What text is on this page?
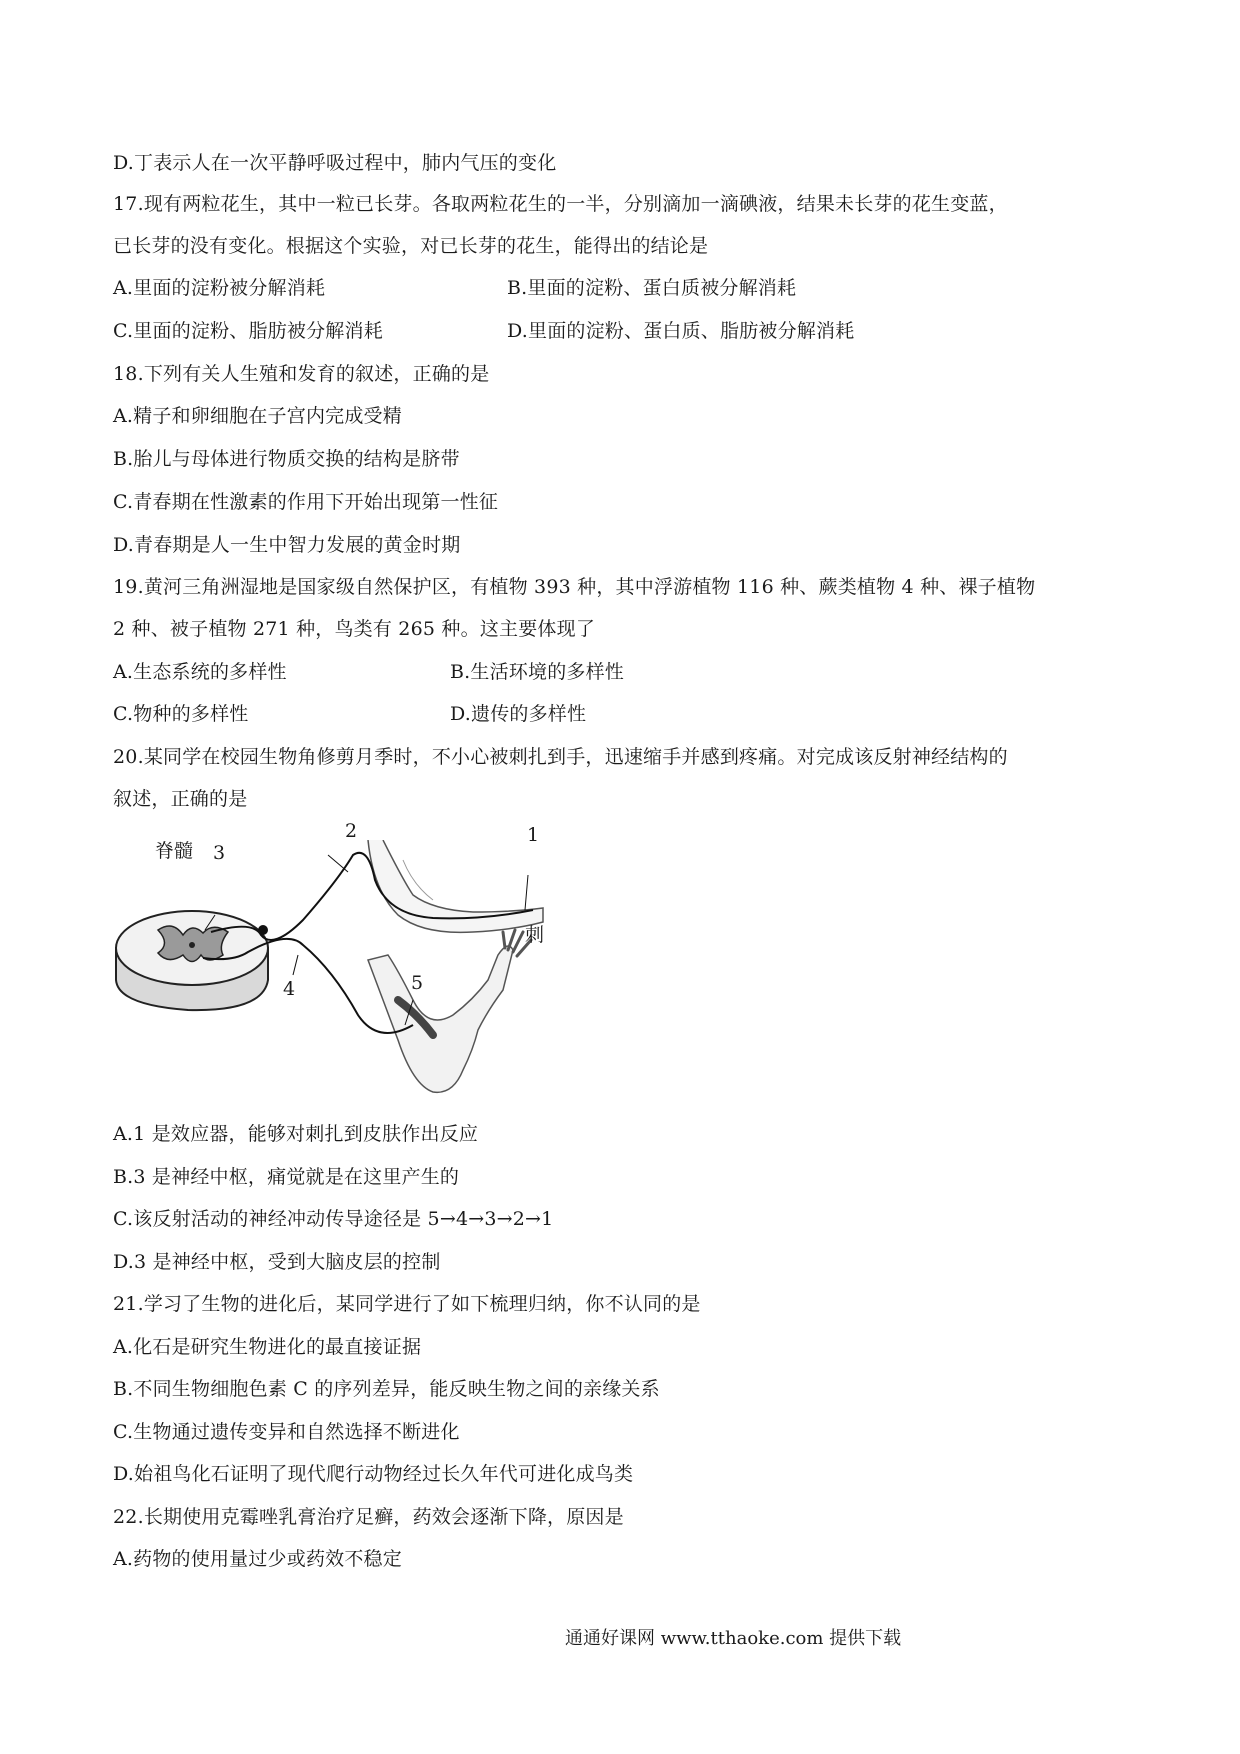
D.丁表示人在一次平静呼吸过程中，肺内气压的变化
17.现有两粒花生，其中一粒已长芽。各取两粒花生的一半，分别滴加一滴碘液，结果未长芽的花生变蓝，
已长芽的没有变化。根据这个实验，对已长芽的花生，能得出的结论是
A.里面的淀粉被分解消耗	B.里面的淀粉、蛋白质被分解消耗
C.里面的淀粉、脂肪被分解消耗	D.里面的淀粉、蛋白质、脂肪被分解消耗
18.下列有关人生殖和发育的叙述，正确的是
A.精子和卵细胞在子宫内完成受精
B.胎儿与母体进行物质交换的结构是脐带
C.青春期在性激素的作用下开始出现第一性征
D.青春期是人一生中智力发展的黄金时期
19.黄河三角洲湿地是国家级自然保护区，有植物 393 种，其中浮游植物 116 种、蕨类植物 4 种、裸子植物
2 种、被子植物 271 种，鸟类有 265 种。这主要体现了
A.生态系统的多样性	B.生活环境的多样性
C.物种的多样性	D.遗传的多样性
20.某同学在校园生物角修剪月季时，不小心被刺扎到手，迅速缩手并感到疼痛。对完成该反射神经结构的
叙述，正确的是
脊髓 3
2	1
刺
4	5
A.1 是效应器，能够对刺扎到皮肤作出反应
B.3 是神经中枢，痛觉就是在这里产生的
C.该反射活动的神经冲动传导途径是 5→4→3→2→1
D.3 是神经中枢，受到大脑皮层的控制
21.学习了生物的进化后，某同学进行了如下梳理归纳，你不认同的是
A.化石是研究生物进化的最直接证据
B.不同生物细胞色素 C 的序列差异，能反映生物之间的亲缘关系
C.生物通过遗传变异和自然选择不断进化
D.始祖鸟化石证明了现代爬行动物经过长久年代可进化成鸟类
22.长期使用克霉唑乳膏治疗足癣，药效会逐渐下降，原因是
A.药物的使用量过少或药效不稳定
通通好课网 www.tthaoke.com 提供下载
